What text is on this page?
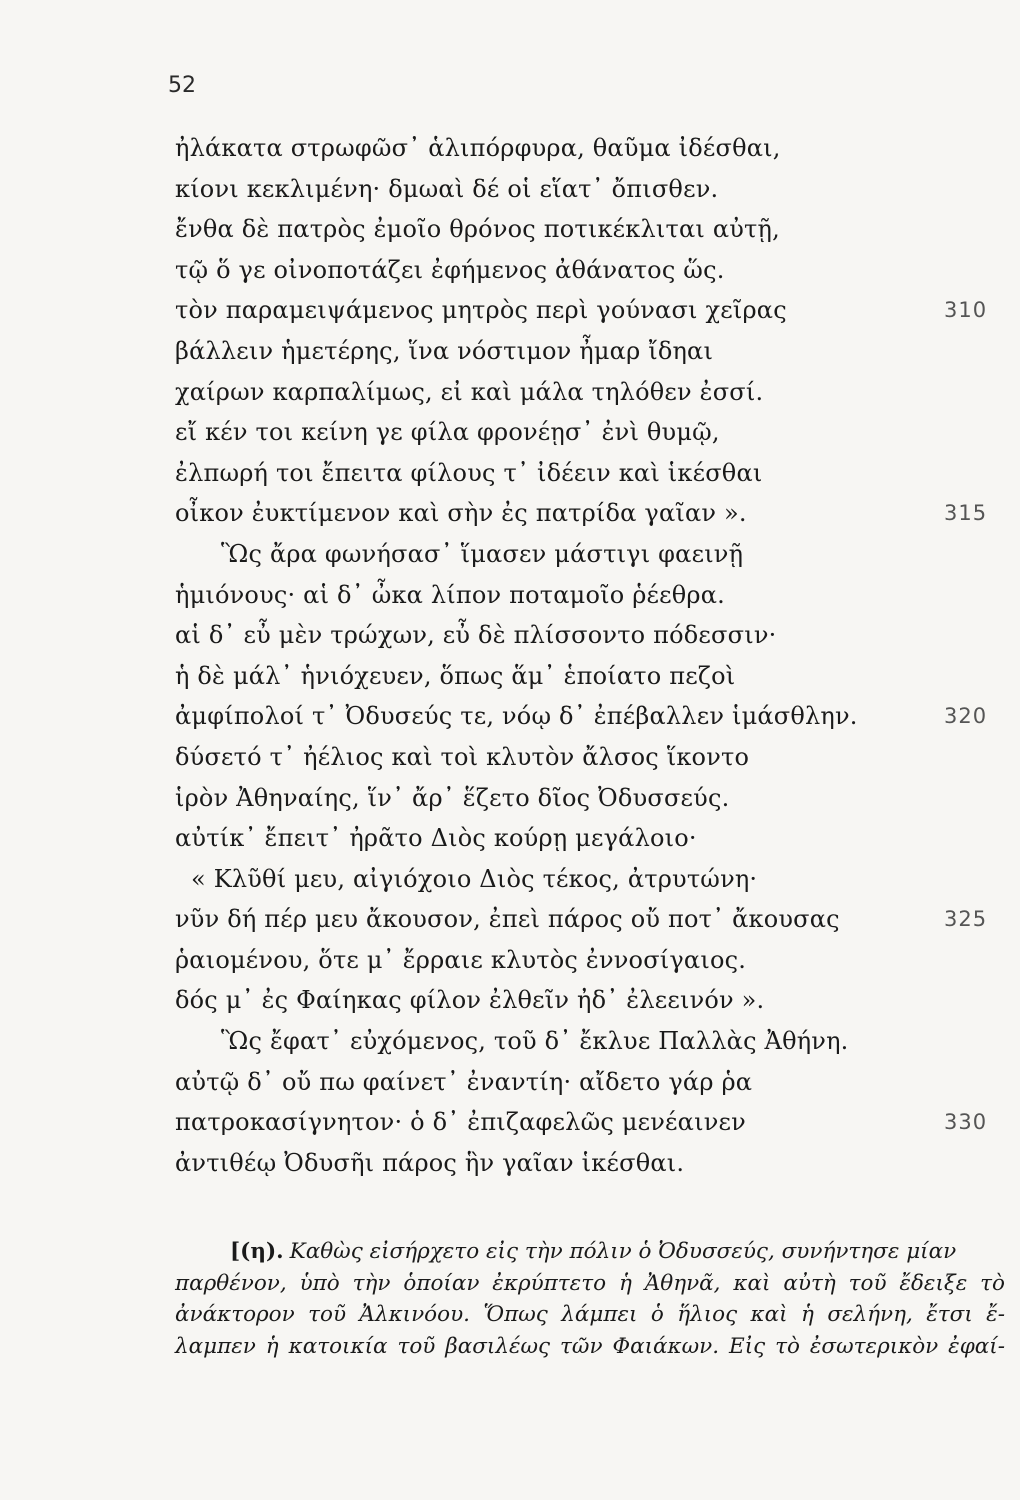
52
ἠλάκατα στρωφῶσ᾽ ἁλιπόρφυρα, θαῦμα ἰδέσθαι,
κίονι κεκλιμένη· δμωαὶ δέ οἱ εἵατ᾽ ὄπισθεν.
ἔνθα δὲ πατρὸς ἐμοῖο θρόνος ποτικέκλιται αὐτῇ,
τῷ ὅ γε οἰνοποτάζει ἐφήμενος ἀθάνατος ὥς.
τὸν παραμειψάμενος μητρὸς περὶ γούνασι χεῖρας	310
βάλλειν ἡμετέρης, ἵνα νόστιμον ἦμαρ ἴδηαι
χαίρων καρπαλίμως, εἰ καὶ μάλα τηλόθεν ἐσσί.
εἴ κέν τοι κείνη γε φίλα φρονέῃσ᾽ ἐνὶ θυμῷ,
ἐλπωρή τοι ἔπειτα φίλους τ᾽ ἰδέειν καὶ ἱκέσθαι
οἶκον ἐυκτίμενον καὶ σὴν ἐς πατρίδα γαῖαν ».	315
Ὣς ἄρα φωνήσασ᾽ ἵμασεν μάστιγι φαεινῇ
ἡμιόνους· αἱ δ᾽ ὦκα λίπον ποταμοῖο ῥέεθρα.
αἱ δ᾽ εὖ μὲν τρώχων, εὖ δὲ πλίσσοντο πόδεσσιν·
ἡ δὲ μάλ᾽ ἡνιόχευεν, ὅπως ἅμ᾽ ἑποίατο πεζοὶ
ἀμφίπολοί τ᾽ Ὀδυσεύς τε, νόῳ δ᾽ ἐπέβαλλεν ἱμάσθλην.	320
δύσετό τ᾽ ἠέλιος καὶ τοὶ κλυτὸν ἄλσος ἵκοντο
ἱρὸν Ἀθηναίης, ἵν᾽ ἄρ᾽ ἕζετο δῖος Ὀδυσσεύς.
αὐτίκ᾽ ἔπειτ᾽ ἠρᾶτο Διὸς κούρῃ μεγάλοιο·
« Κλῦθί μευ, αἰγιόχοιο Διὸς τέκος, ἀτρυτώνη·
νῦν δή πέρ μευ ἄκουσον, ἐπεὶ πάρος οὔ ποτ᾽ ἄκουσας	325
ῥαιομένου, ὅτε μ᾽ ἔρραιε κλυτὸς ἐννοσίγαιος.
δός μ᾽ ἐς Φαίηκας φίλον ἐλθεῖν ἠδ᾽ ἐλεεινόν ».
Ὣς ἔφατ᾽ εὐχόμενος, τοῦ δ᾽ ἔκλυε Παλλὰς Ἀθήνη.
αὐτῷ δ᾽ οὔ πω φαίνετ᾽ ἐναντίη· αἴδετο γάρ ῥα
πατροκασίγνητον· ὁ δ᾽ ἐπιζαφελῶς μενέαινεν	330
ἀντιθέῳ Ὀδυσῆι πάρος ἣν γαῖαν ἱκέσθαι.
[(η). Καθὼς εἰσήρχετο εἰς τὴν πόλιν ὁ Ὀδυσσεύς, συνήντησε μίαν
παρθένον, ὑπὸ τὴν ὁποίαν ἐκρύπτετο ἡ Ἀθηνᾶ, καὶ αὐτὴ τοῦ ἔδειξε τὸ
ἀνάκτορον τοῦ Ἀλκινόου. Ὅπως λάμπει ὁ ἥλιος καὶ ἡ σελήνη, ἔτσι ἔ-
λαμπεν ἡ κατοικία τοῦ βασιλέως τῶν Φαιάκων. Εἰς τὸ ἐσωτερικὸν ἐφαί-
